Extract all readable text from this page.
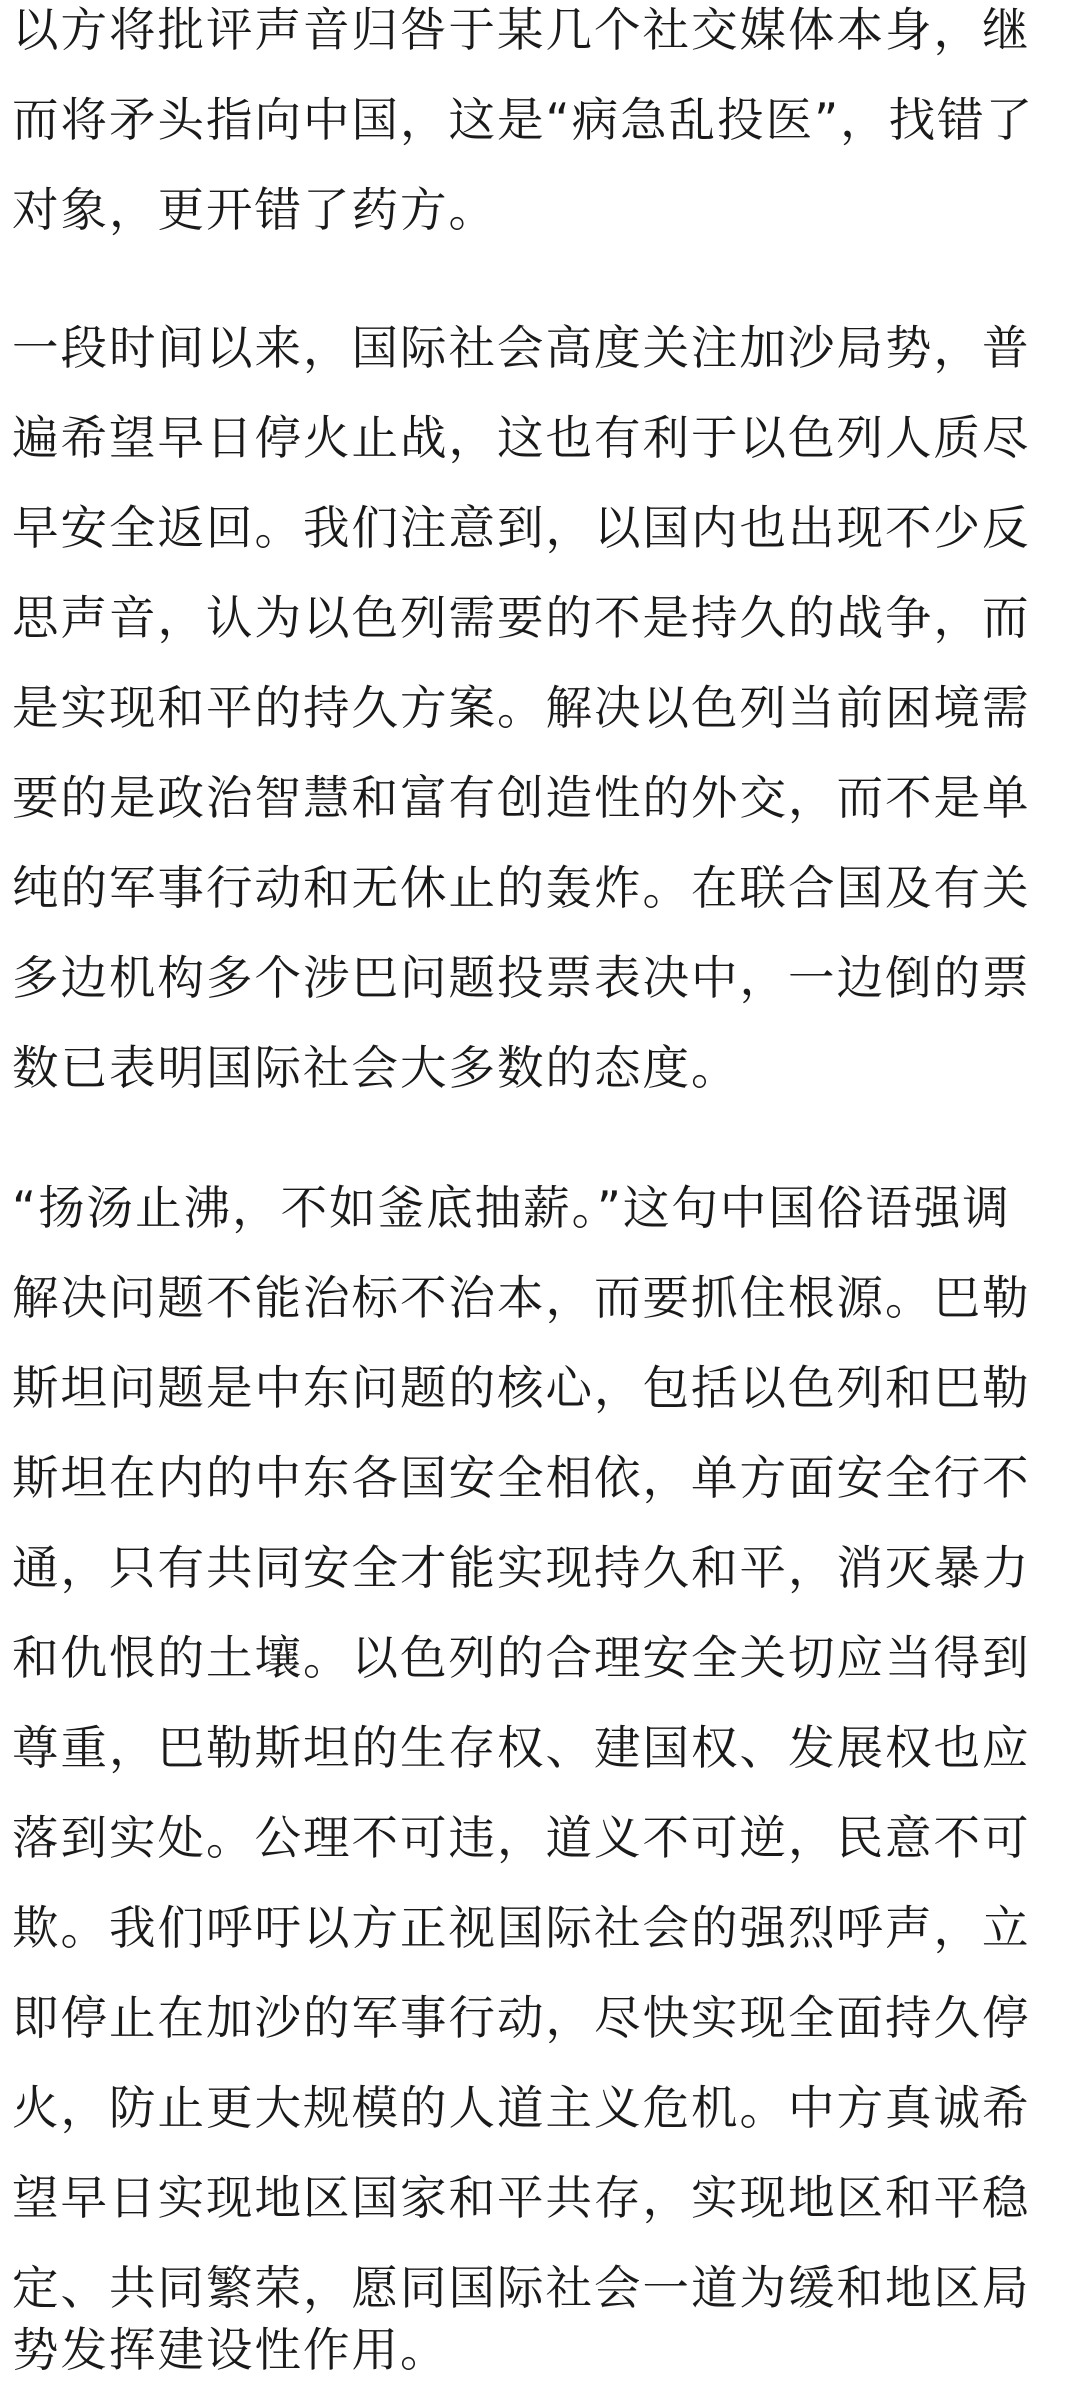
以方将批评声音归咎于某几个社交媒体本身，继
而将矛头指向中国，这是“病急乱投医”，找错了
对象，更开错了药方。
一段时间以来，国际社会高度关注加沙局势，普
遍希望早日停火止战，这也有利于以色列人质尽
早安全返回。我们注意到，以国内也出现不少反
思声音，认为以色列需要的不是持久的战争，而
是实现和平的持久方案。解决以色列当前困境需
要的是政治智慧和富有创造性的外交，而不是单
纯的军事行动和无休止的轰炸。在联合国及有关
多边机构多个涉巴问题投票表决中，一边倒的票
数已表明国际社会大多数的态度。
“扬汤止沸，不如釜底抽薪。”这句中国俗语强调
解决问题不能治标不治本，而要抓住根源。巴勒
斯坦问题是中东问题的核心，包括以色列和巴勒
斯坦在内的中东各国安全相依，单方面安全行不
通，只有共同安全才能实现持久和平，消灭暴力
和仇恨的土壤。以色列的合理安全关切应当得到
尊重，巴勒斯坦的生存权、建国权、发展权也应
落到实处。公理不可违，道义不可逆，民意不可
欺。我们呼吁以方正视国际社会的强烈呼声，立
即停止在加沙的军事行动，尽快实现全面持久停
火，防止更大规模的人道主义危机。中方真诚希
望早日实现地区国家和平共存，实现地区和平稳
定、共同繁荣，愿同国际社会一道为缓和地区局
势发挥建设性作用。
